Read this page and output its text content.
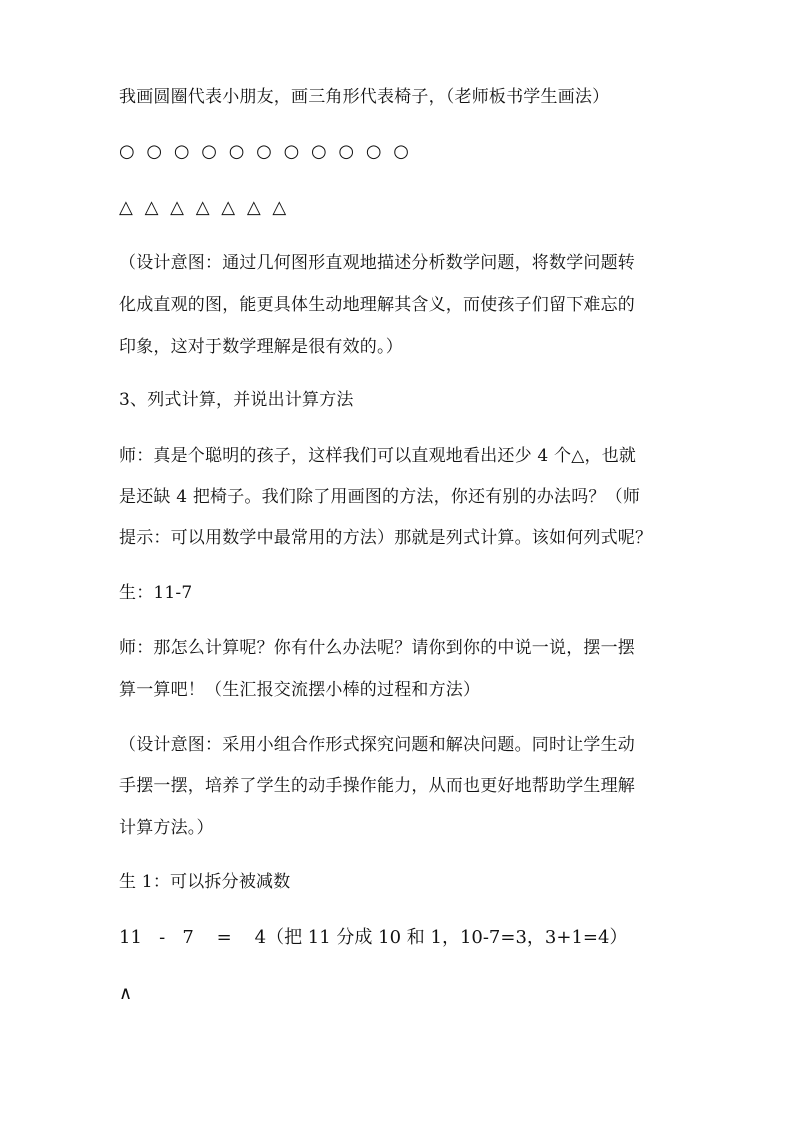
我画圆圈代表小朋友，画三角形代表椅子，（老师板书学生画法）
○ ○ ○ ○ ○ ○ ○ ○ ○ ○ ○
△ △ △ △ △ △ △
（设计意图：通过几何图形直观地描述分析数学问题，将数学问题转
化成直观的图，能更具体生动地理解其含义，而使孩子们留下难忘的
印象，这对于数学理解是很有效的。）
3、列式计算，并说出计算方法
师：真是个聪明的孩子，这样我们可以直观地看出还少 4 个△，也就
是还缺 4 把椅子。我们除了用画图的方法，你还有别的办法吗？（师
提示：可以用数学中最常用的方法）那就是列式计算。该如何列式呢？
生：11-7
师：那怎么计算呢？你有什么办法呢？请你到你的中说一说，摆一摆
算一算吧！（生汇报交流摆小棒的过程和方法）
（设计意图：采用小组合作形式探究问题和解决问题。同时让学生动
手摆一摆，培养了学生的动手操作能力，从而也更好地帮助学生理解
计算方法。）
生 1：可以拆分被减数
11   -   7    =    4（把 11 分成 10 和 1，10-7=3，3+1=4）
∧
